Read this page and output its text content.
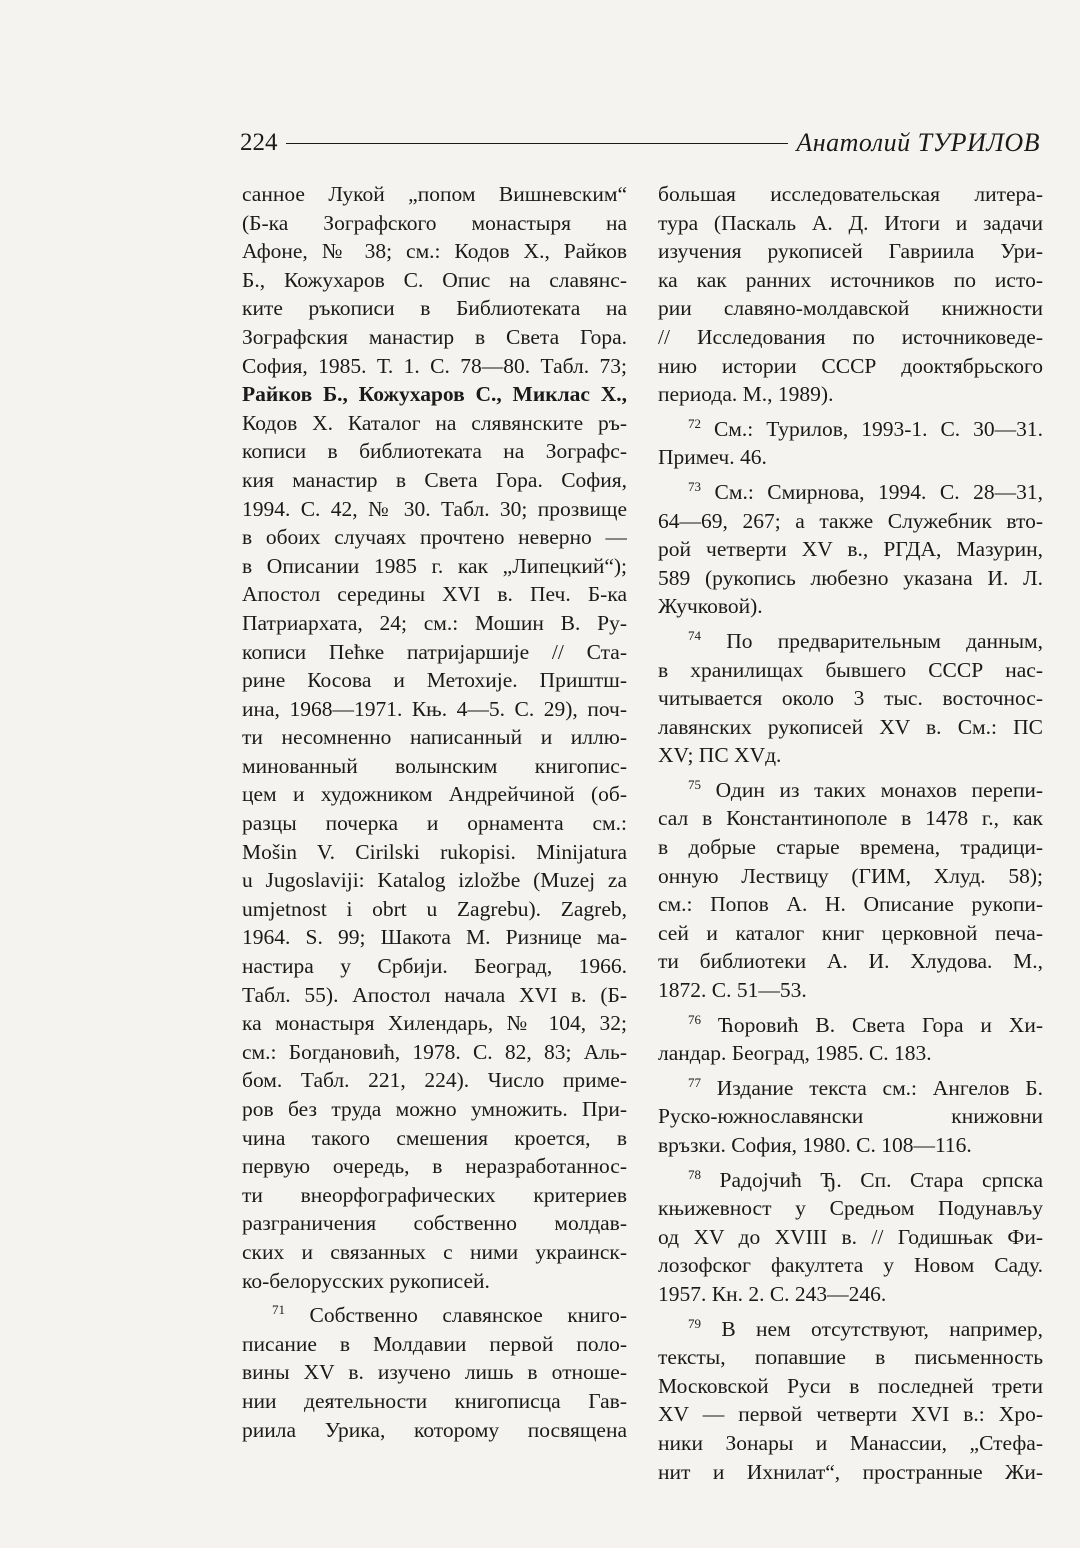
224	Анатолий ТУРИЛОВ
санное Лукой „попом Вишневским“
(Б-ка Зографского монастыря на
Афоне, № 38; см.: Кодов Х., Райков
Б., Кожухаров С. Опис на славянс-
ките ръкописи в Библиотеката на
Зографския манастир в Света Гора.
София, 1985. Т. 1. С. 78—80. Табл. 73;
Райков Б., Кожухаров С., Миклас Х.,
Кодов Х. Каталог на слявянските ръ-
кописи в библиотеката на Зографс-
кия манастир в Света Гора. София,
1994. С. 42, № 30. Табл. 30; прозвище
в обоих случаях прочтено неверно —
в Описании 1985 г. как „Липецкий“);
Апостол середины XVI в. Печ. Б-ка
Патриархата, 24; см.: Мошин В. Ру-
кописи Пећке патријаршије // Ста-
рине Косова и Метохије. Приштш-
ина, 1968—1971. Књ. 4—5. С. 29), поч-
ти несомненно написанный и иллю-
минованный волынским книгопис-
цем и художником Андрейчиной (об-
разцы почерка и орнамента см.:
Mošin V. Cirilski rukopisi. Minijatura
u Jugoslaviji: Katalog izložbe (Muzej za
umjetnost i obrt u Zagrebu). Zagreb,
1964. S. 99; Шакота М. Ризнице ма-
настира у Србији. Београд, 1966.
Табл. 55). Апостол начала XVI в. (Б-
ка монастыря Хилендарь, № 104, 32;
см.: Богдановић, 1978. С. 82, 83; Аль-
бом. Табл. 221, 224). Число приме-
ров без труда можно умножить. При-
чина такого смешения кроется, в
первую очередь, в неразработаннос-
ти внеорфографических критериев
разграничения собственно молдав-
ских и связанных с ними украинск-
ко-белорусских рукописей.
$^{71}$ Собственно славянское книго-
писание в Молдавии первой поло-
вины XV в. изучено лишь в отноше-
нии деятельности книгописца Гав-
риила Урика, которому посвящена
большая исследовательская литера-
тура (Паскаль А. Д. Итоги и задачи
изучения рукописей Гавриила Ури-
ка как ранних источников по исто-
рии славяно-молдавской книжности
// Исследования по источниковеде-
нию истории СССР дооктябрьского
периода. М., 1989).
$^{72}$ См.: Турилов, 1993-1. С. 30—31.
Примеч. 46.
$^{73}$ См.: Смирнова, 1994. С. 28—31,
64—69, 267; а также Служебник вто-
рой четверти XV в., РГДА, Мазурин,
589 (рукопись любезно указана И. Л.
Жучковой).
$^{74}$ По предварительным данным,
в хранилищах бывшего СССР нас-
читывается около 3 тыс. восточнос-
лавянских рукописей XV в. См.: ПС
XV; ПС XVд.
$^{75}$ Один из таких монахов перепи-
сал в Константинополе в 1478 г., как
в добрые старые времена, традици-
онную Лествицу (ГИМ, Хлуд. 58);
см.: Попов А. Н. Описание рукопи-
сей и каталог книг церковной печа-
ти библиотеки А. И. Хлудова. М.,
1872. С. 51—53.
$^{76}$ Ћоровић В. Света Гора и Хи-
ландар. Београд, 1985. С. 183.
$^{77}$ Издание текста см.: Ангелов Б.
Руско-южнославянски книжовни
връзки. София, 1980. С. 108—116.
$^{78}$ Радојчић Ђ. Сп. Стара српска
књижевност у Средњом Подунављу
од XV до XVIII в. // Годишњак Фи-
лозофског факултета у Новом Саду.
1957. Кн. 2. С. 243—246.
$^{79}$ В нем отсутствуют, например,
тексты, попавшие в письменность
Московской Руси в последней трети
XV — первой четверти XVI в.: Хро-
ники Зонары и Манассии, „Стефа-
нит и Ихнилат“, пространные Жи-
